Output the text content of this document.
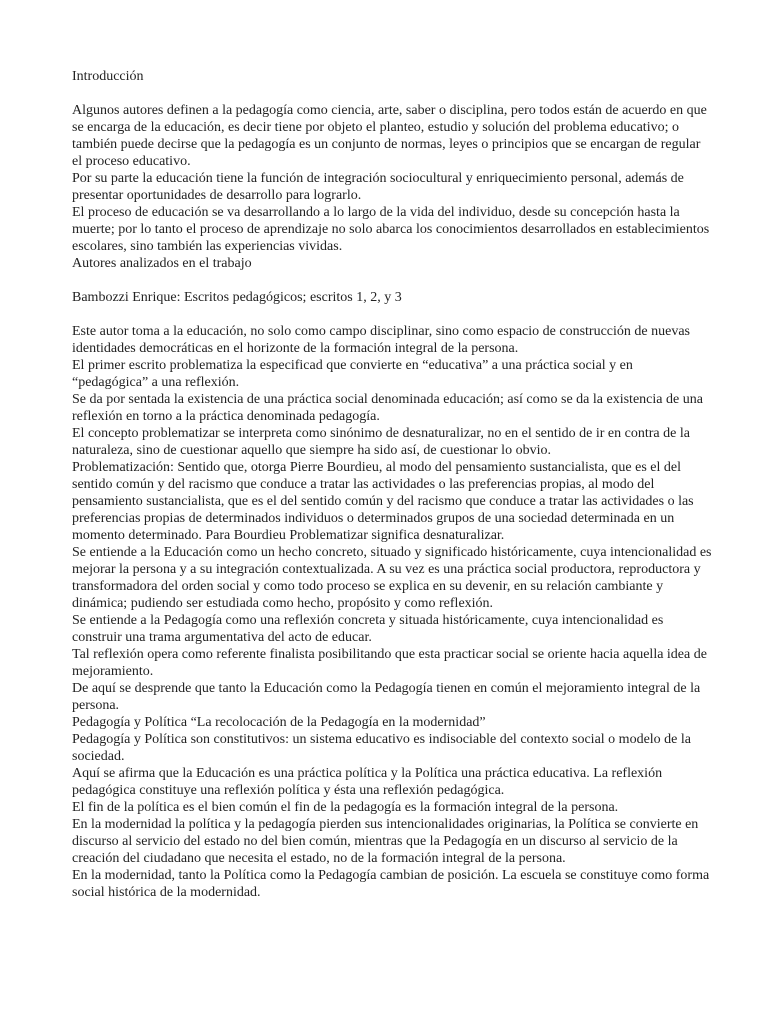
Introducción

Algunos autores definen a la pedagogía como ciencia, arte, saber o disciplina, pero todos están de acuerdo en que se encarga de la educación, es decir tiene por objeto el planteo, estudio y solución del problema educativo; o también puede decirse que la pedagogía es un conjunto de normas, leyes o principios que se encargan de regular el proceso educativo.

Por su parte la educación tiene la función de integración sociocultural y enriquecimiento personal, además de presentar oportunidades de desarrollo para lograrlo.

El proceso de educación se va desarrollando a lo largo de la vida del individuo, desde su concepción hasta la muerte; por lo tanto el proceso de aprendizaje no solo abarca los conocimientos desarrollados en establecimientos escolares, sino también las experiencias vividas.

Autores analizados en el trabajo

Bambozzi Enrique: Escritos pedagógicos; escritos 1, 2, y 3

Este autor toma a la educación, no solo como campo disciplinar, sino como espacio de construcción de nuevas identidades democráticas en el horizonte de la formación integral de la persona.

El primer escrito problematiza la especificad que convierte en “educativa” a una práctica social y en “pedagógica” a una reflexión.

Se da por sentada la existencia de una práctica social denominada educación; así como se da la existencia de una reflexión en torno a la práctica denominada pedagogía.

El concepto problematizar se interpreta como sinónimo de desnaturalizar, no en el sentido de ir en contra de la naturaleza, sino de cuestionar aquello que siempre ha sido así, de cuestionar lo obvio.

Problematización: Sentido que, otorga Pierre Bourdieu, al modo del pensamiento sustancialista, que es el del sentido común y del racismo que conduce a tratar las actividades o las preferencias propias, al modo del pensamiento sustancialista, que es el del sentido común y del racismo que conduce a tratar las actividades o las preferencias propias de determinados individuos o determinados grupos de una sociedad determinada en un momento determinado. Para Bourdieu Problematizar significa desnaturalizar.

Se entiende a la Educación como un hecho concreto, situado y significado históricamente, cuya intencionalidad es mejorar la persona y a su integración contextualizada. A su vez es una práctica social productora, reproductora y transformadora del orden social y como todo proceso se explica en su devenir, en su relación cambiante y dinámica; pudiendo ser estudiada como hecho, propósito y como reflexión.

Se entiende a la Pedagogía como una reflexión concreta y situada históricamente, cuya intencionalidad es construir una trama argumentativa del acto de educar.

Tal reflexión opera como referente finalista posibilitando que esta practicar social se oriente hacia aquella idea de mejoramiento.

De aquí se desprende que tanto la Educación como la Pedagogía tienen en común el mejoramiento integral de la persona.

Pedagogía y Política “La recolocación de la Pedagogía en la modernidad”

Pedagogía y Política son constitutivos: un sistema educativo es indisociable del contexto social o modelo de la sociedad.

Aquí se afirma que la Educación es una práctica política y la Política una práctica educativa. La reflexión pedagógica constituye una reflexión política y ésta una reflexión pedagógica.

El fin de la política es el bien común el fin de la pedagogía es la formación integral de la persona.

En la modernidad la política y la pedagogía pierden sus intencionalidades originarias, la Política se convierte en discurso al servicio del estado no del bien común, mientras que la Pedagogía en un discurso al servicio de la creación del ciudadano que necesita el estado, no de la formación integral de la persona.

En la modernidad, tanto la Política como la Pedagogía cambian de posición. La escuela se constituye como forma social histórica de la modernidad.
